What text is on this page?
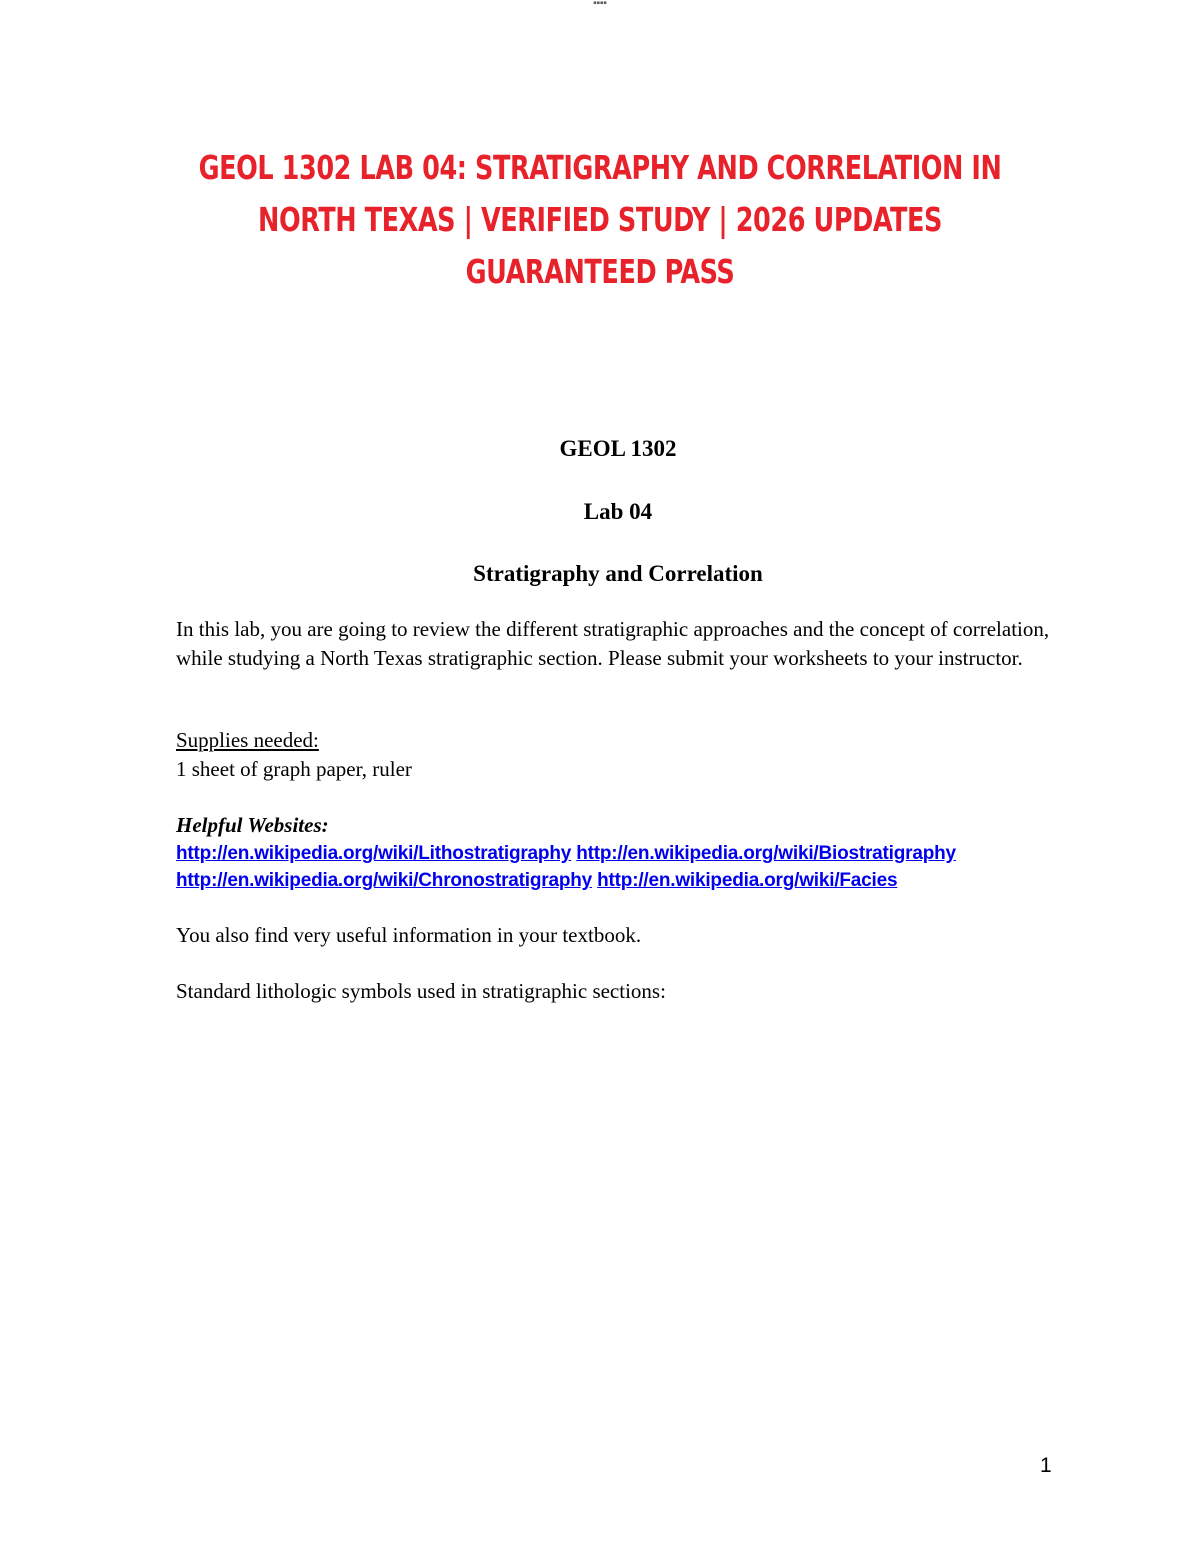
▪▪▪▪
GEOL 1302 LAB 04: STRATIGRAPHY AND CORRELATION IN NORTH TEXAS | VERIFIED STUDY | 2026 UPDATES GUARANTEED PASS
GEOL 1302
Lab 04
Stratigraphy and Correlation

In this lab, you are going to review the different stratigraphic approaches and the concept of correlation, while studying a North Texas stratigraphic section. Please submit your worksheets to your instructor.

Supplies needed:
1 sheet of graph paper, ruler
Helpful Websites:
http://en.wikipedia.org/wiki/Lithostratigraphy http://en.wikipedia.org/wiki/Biostratigraphy
http://en.wikipedia.org/wiki/Chronostratigraphy http://en.wikipedia.org/wiki/Facies
You also find very useful information in your textbook.
Standard lithologic symbols used in stratigraphic sections:
1
